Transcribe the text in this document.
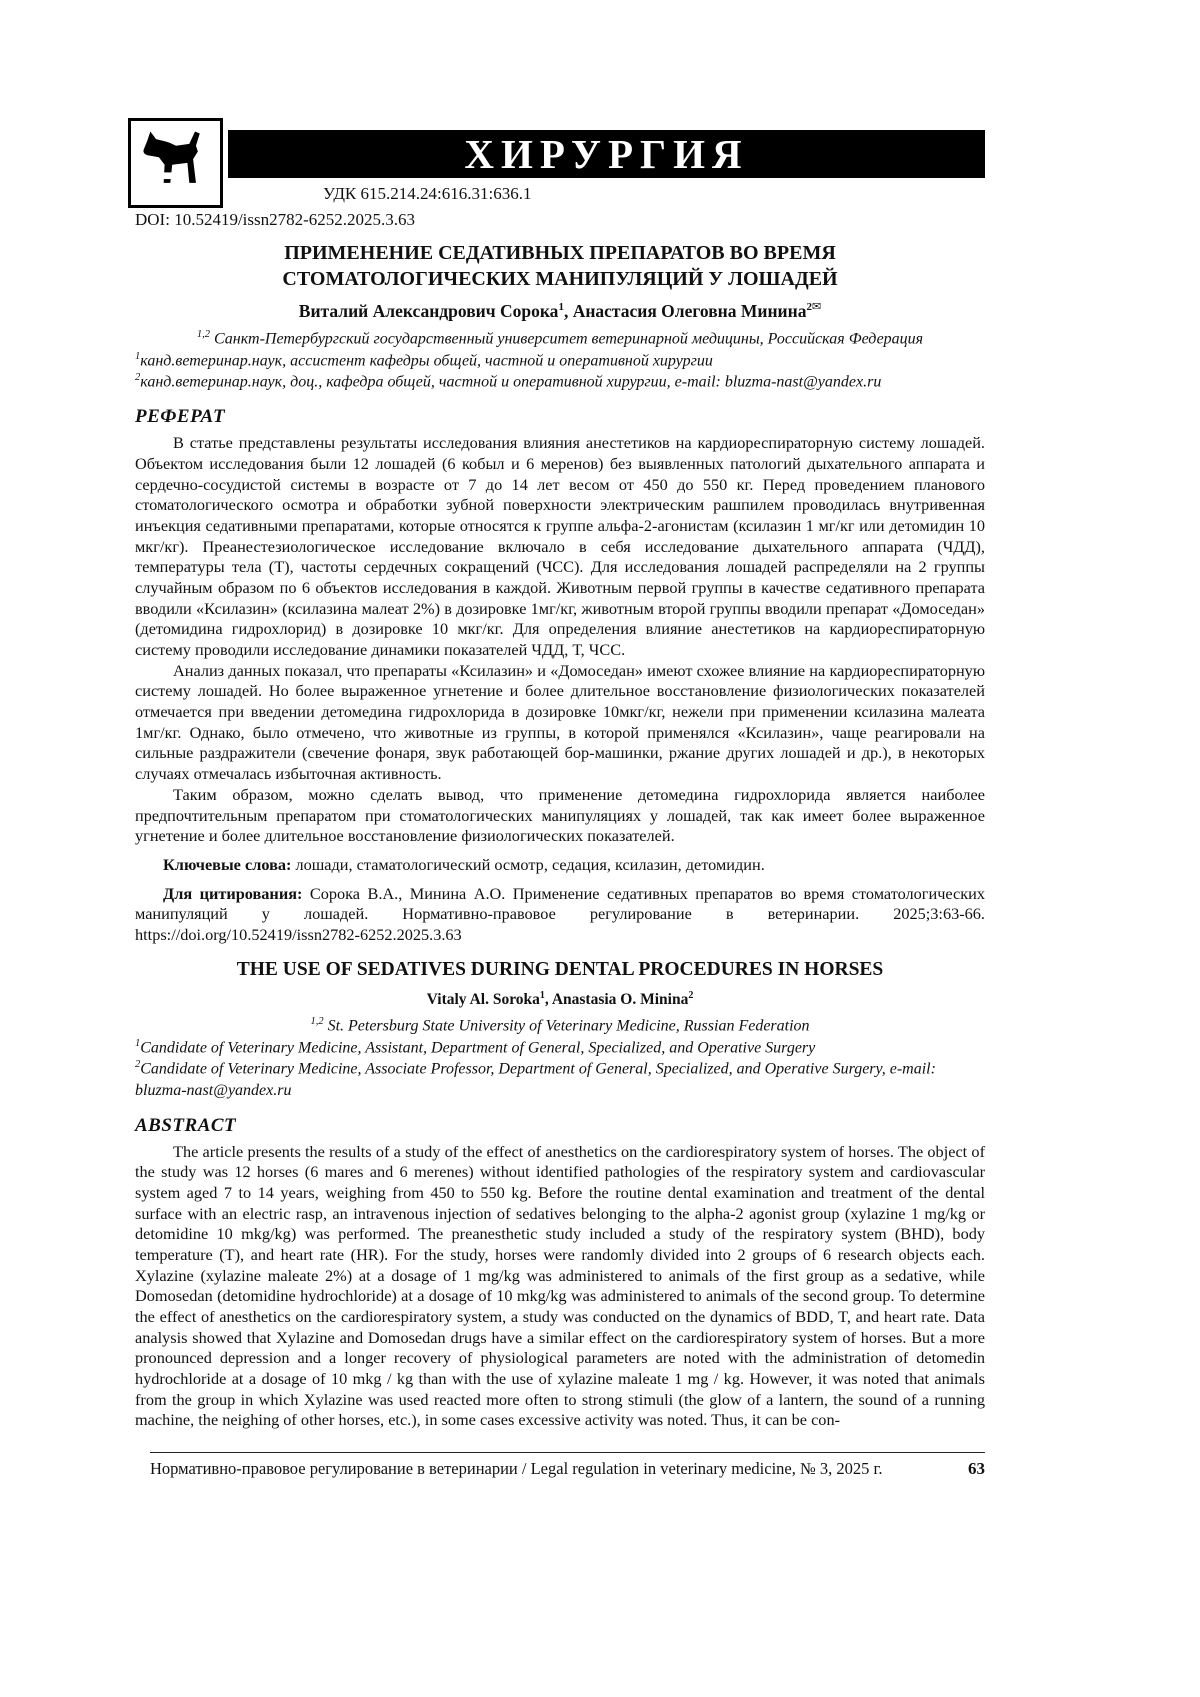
ХИРУРГИЯ
УДК 615.214.24:616.31:636.1
DOI: 10.52419/issn2782-6252.2025.3.63
ПРИМЕНЕНИЕ СЕДАТИВНЫХ ПРЕПАРАТОВ ВО ВРЕМЯ
СТОМАТОЛОГИЧЕСКИХ МАНИПУЛЯЦИЙ У ЛОШАДЕЙ
Виталий Александрович Сорока$^1$, Анастасия Олеговна Минина$^{2✉}$
$^{1,2}$ Санкт-Петербургский государственный университет ветеринарной медицины, Российская Федерация
$^1$канд.ветеринар.наук, ассистент кафедры общей, частной и оперативной хирургии
$^2$канд.ветеринар.наук, доц., кафедра общей, частной и оперативной хирургии, e-mail: bluzma-nast@yandex.ru
РЕФЕРАТ

В статье представлены результаты исследования влияния анестетиков на кардиореспираторную систему лошадей. Объектом исследования были 12 лошадей (6 кобыл и 6 меренов) без выявленных патологий дыхательного аппарата и сердечно-сосудистой системы в возрасте от 7 до 14 лет весом от 450 до 550 кг. Перед проведением планового стоматологического осмотра и обработки зубной поверхности электрическим рашпилем проводилась внутривенная инъекция седативными препаратами, которые относятся к группе альфа-2-агонистам (ксилазин 1 мг/кг или детомидин 10 мкг/кг). Преанестезиологическое исследование включало в себя исследование дыхательного аппарата (ЧДД), температуры тела (Т), частоты сердечных сокращений (ЧСС). Для исследования лошадей распределяли на 2 группы случайным образом по 6 объектов исследования в каждой. Животным первой группы в качестве седативного препарата вводили «Ксилазин» (ксилазина малеат 2%) в дозировке 1мг/кг, животным второй группы вводили препарат «Домоседан» (детомидина гидрохлорид) в дозировке 10 мкг/кг. Для определения влияние анестетиков на кардиореспираторную систему проводили исследование динамики показателей ЧДД, Т, ЧСС.

Анализ данных показал, что препараты «Ксилазин» и «Домоседан» имеют схожее влияние на кардиореспираторную систему лошадей. Но более выраженное угнетение и более длительное восстановление физиологических показателей отмечается при введении детомедина гидрохлорида в дозировке 10мкг/кг, нежели при применении ксилазина малеата 1мг/кг. Однако, было отмечено, что животные из группы, в которой применялся «Ксилазин», чаще реагировали на сильные раздражители (свечение фонаря, звук работающей бор-машинки, ржание других лошадей и др.), в некоторых случаях отмечалась избыточная активность.

Таким образом, можно сделать вывод, что применение детомедина гидрохлорида является наиболее предпочтительным препаратом при стоматологических манипуляциях у лошадей, так как имеет более выраженное угнетение и более длительное восстановление физиологических показателей.

Ключевые слова: лошади, стаматологический осмотр, седация, ксилазин, детомидин.

Для цитирования: Сорока В.А., Минина А.О. Применение седативных препаратов во время стоматологических манипуляций у лошадей. Нормативно-правовое регулирование в ветеринарии. 2025;3:63-66. https://doi.org/10.52419/issn2782-6252.2025.3.63

THE USE OF SEDATIVES DURING DENTAL PROCEDURES IN HORSES
Vitaly Al. Soroka$^1$, Anastasia O. Minina$^2$
$^{1,2}$ St. Petersburg State University of Veterinary Medicine, Russian Federation
$^1$Candidate of Veterinary Medicine, Assistant, Department of General, Specialized, and Operative Surgery
$^2$Candidate of Veterinary Medicine, Associate Professor, Department of General, Specialized, and Operative Surgery, e-mail: bluzma-nast@yandex.ru
ABSTRACT

The article presents the results of a study of the effect of anesthetics on the cardiorespiratory system of horses. The object of the study was 12 horses (6 mares and 6 merenes) without identified pathologies of the respiratory system and cardiovascular system aged 7 to 14 years, weighing from 450 to 550 kg. Before the routine dental examination and treatment of the dental surface with an electric rasp, an intravenous injection of sedatives belonging to the alpha-2 agonist group (xylazine 1 mg/kg or detomidine 10 mkg/kg) was performed. The preanesthetic study included a study of the respiratory system (BHD), body temperature (T), and heart rate (HR). For the study, horses were randomly divided into 2 groups of 6 research objects each. Xylazine (xylazine maleate 2%) at a dosage of 1 mg/kg was administered to animals of the first group as a sedative, while Domosedan (detomidine hydrochloride) at a dosage of 10 mkg/kg was administered to animals of the second group. To determine the effect of anesthetics on the cardiorespiratory system, a study was conducted on the dynamics of BDD, T, and heart rate. Data analysis showed that Xylazine and Domosedan drugs have a similar effect on the cardiorespiratory system of horses. But a more pronounced depression and a longer recovery of physiological parameters are noted with the administration of detomedin hydrochloride at a dosage of 10 mkg / kg than with the use of xylazine maleate 1 mg / kg. However, it was noted that animals from the group in which Xylazine was used reacted more often to strong stimuli (the glow of a lantern, the sound of a running machine, the neighing of other horses, etc.), in some cases excessive activity was noted. Thus, it can be con-

Нормативно-правовое регулирование в ветеринарии / Legal regulation in veterinary medicine, № 3, 2025 г.	63
